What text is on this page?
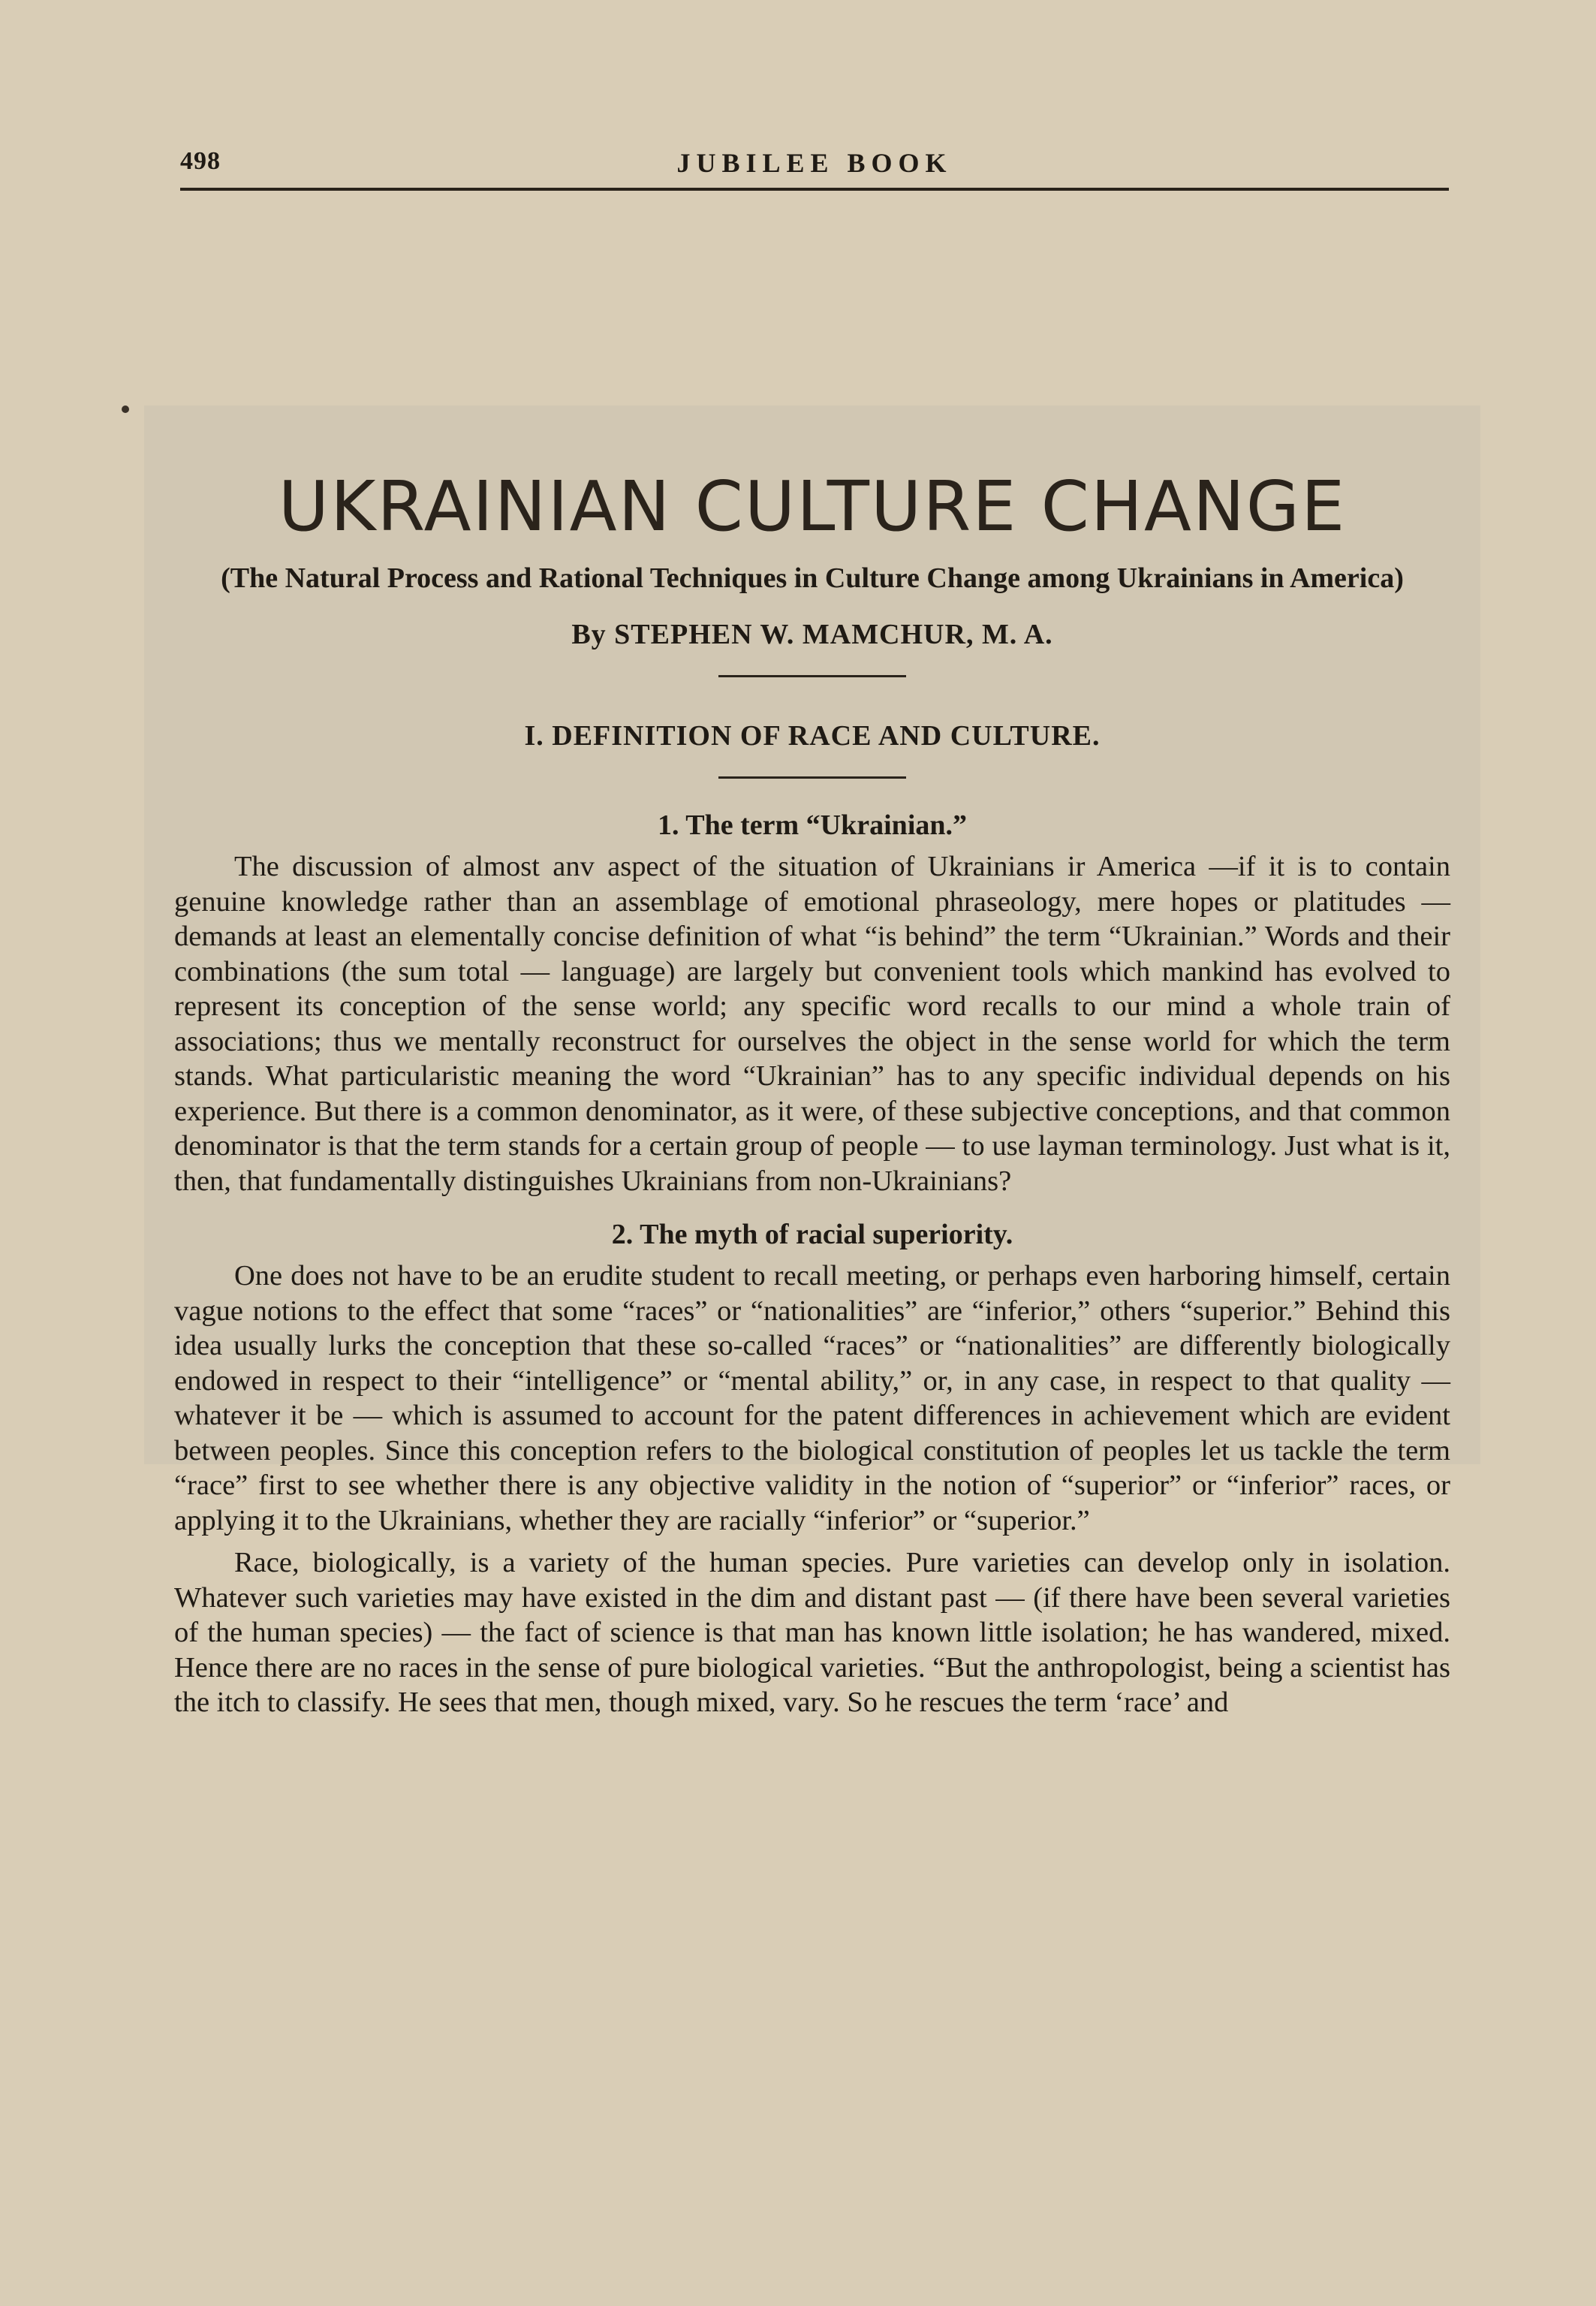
498	JUBILEE BOOK
UKRAINIAN CULTURE CHANGE
(The Natural Process and Rational Techniques in Culture Change among Ukrainians in America)
By STEPHEN W. MAMCHUR, M. A.
I. DEFINITION OF RACE AND CULTURE.
1. The term “Ukrainian.”

The discussion of almost anv aspect of the situation of Ukrainians ir America —if it is to contain genuine knowledge rather than an assemblage of emotional phraseology, mere hopes or platitudes — demands at least an elementally concise definition of what “is behind” the term “Ukrainian.” Words and their combinations (the sum total — language) are largely but convenient tools which mankind has evolved to represent its conception of the sense world; any specific word recalls to our mind a whole train of associations; thus we mentally reconstruct for ourselves the object in the sense world for which the term stands. What particularistic meaning the word “Ukrainian” has to any specific individual depends on his experience. But there is a common denominator, as it were, of these subjective conceptions, and that common denominator is that the term stands for a certain group of people — to use layman terminology. Just what is it, then, that fundamentally distinguishes Ukrainians from non-Ukrainians?

2. The myth of racial superiority.

One does not have to be an erudite student to recall meeting, or perhaps even harboring himself, certain vague notions to the effect that some “races” or “nationalities” are “inferior,” others “superior.” Behind this idea usually lurks the conception that these so-called “races” or “nationalities” are differently biologically endowed in respect to their “intelligence” or “mental ability,” or, in any case, in respect to that quality — whatever it be — which is assumed to account for the patent differences in achievement which are evident between peoples. Since this conception refers to the biological constitution of peoples let us tackle the term “race” first to see whether there is any objective validity in the notion of “superior” or “inferior” races, or applying it to the Ukrainians, whether they are racially “inferior” or “superior.”

Race, biologically, is a variety of the human species. Pure varieties can develop only in isolation. Whatever such varieties may have existed in the dim and distant past — (if there have been several varieties of the human species) — the fact of science is that man has known little isolation; he has wandered, mixed. Hence there are no races in the sense of pure biological varieties. “But the anthropologist, being a scientist has the itch to classify. He sees that men, though mixed, vary. So he rescues the term ‘race’ and
